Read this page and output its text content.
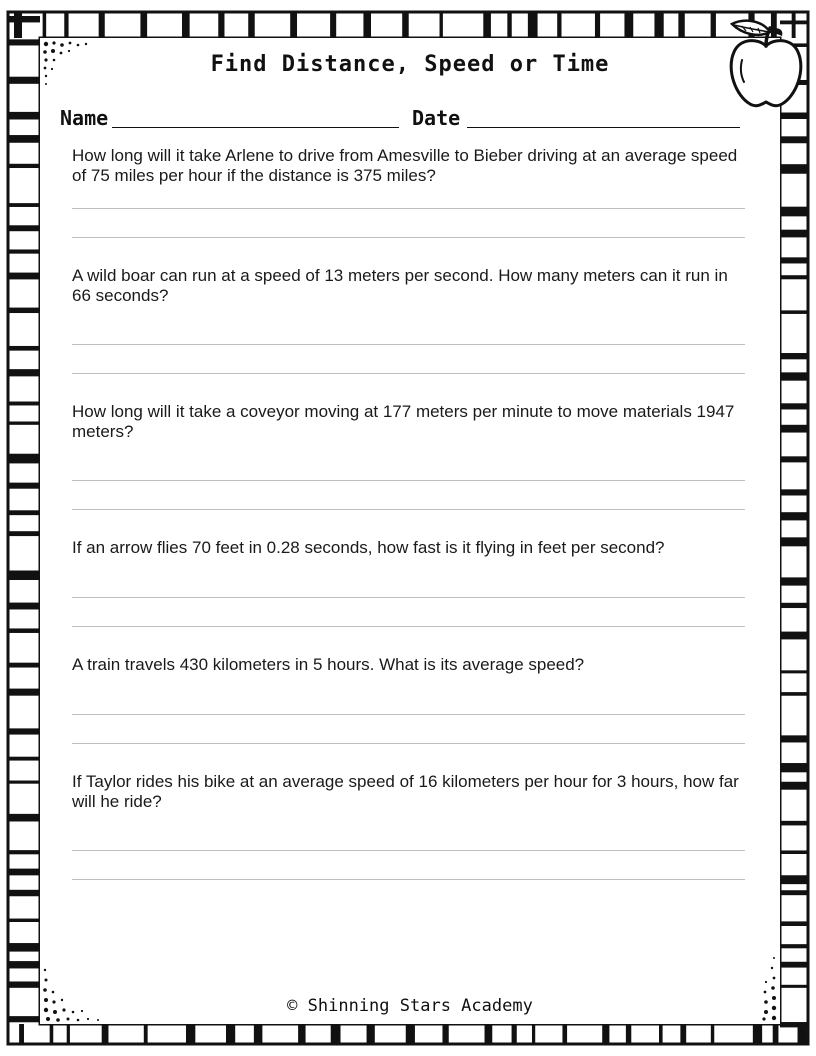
Find Distance, Speed or Time
Name	Date
How long will it take Arlene to drive from Amesville to Bieber driving at an average speed of 75 miles per hour if the distance is 375 miles?
A wild boar can run at a speed of 13 meters per second. How many meters can it run in 66 seconds?
How long will it take a coveyor moving at 177 meters per minute to move materials 1947 meters?
If an arrow flies 70 feet in 0.28 seconds, how fast is it flying in feet per second?
A train travels 430 kilometers in 5 hours. What is its average speed?
If Taylor rides his bike at an average speed of 16 kilometers per hour for 3 hours, how far will he ride?
© Shinning Stars Academy
